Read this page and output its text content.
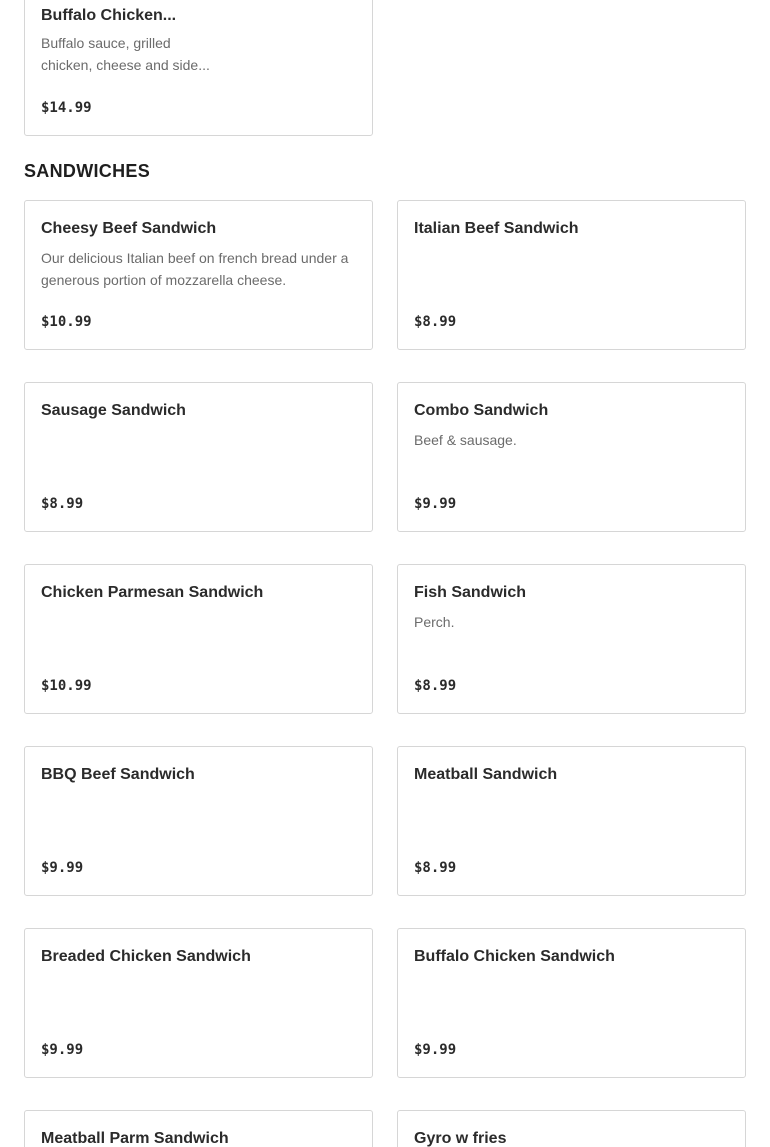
Buffalo Chicken...
Buffalo sauce, grilled chicken, cheese and side...
$14.99
SANDWICHES
Cheesy Beef Sandwich
Our delicious Italian beef on french bread under a generous portion of mozzarella cheese.
$10.99
Italian Beef Sandwich
$8.99
Sausage Sandwich
$8.99
Combo Sandwich
Beef & sausage.
$9.99
Chicken Parmesan Sandwich
$10.99
Fish Sandwich
Perch.
$8.99
BBQ Beef Sandwich
$9.99
Meatball Sandwich
$8.99
Breaded Chicken Sandwich
$9.99
Buffalo Chicken Sandwich
$9.99
Meatball Parm Sandwich	Gyro w fries
